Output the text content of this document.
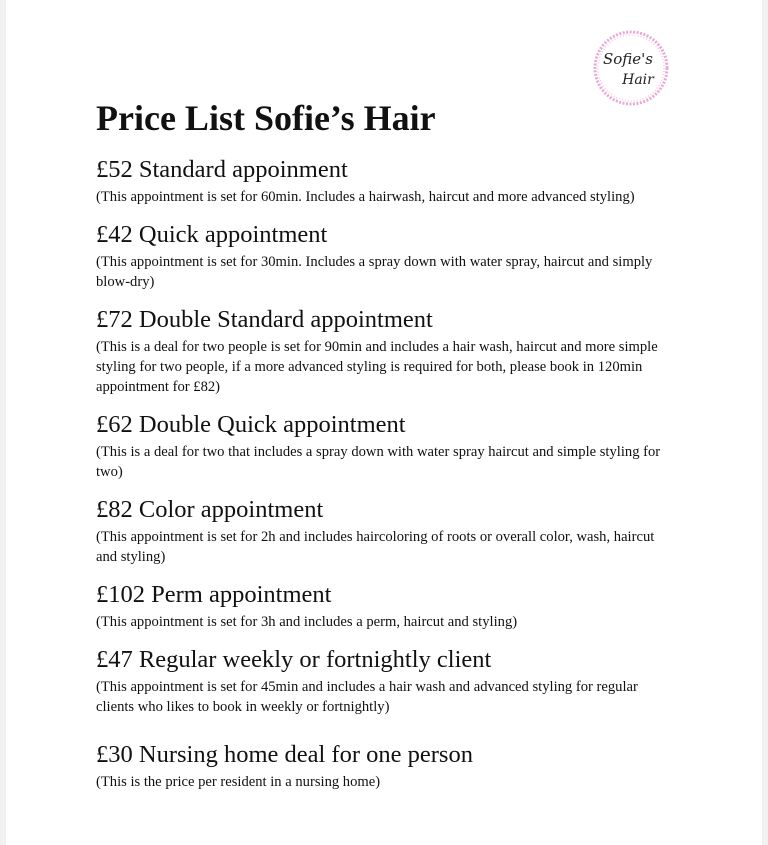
Sofie's
Hair
Price List Sofie’s Hair
£52 Standard appoinment

(This appointment is set for 60min. Includes a hairwash, haircut and more advanced styling)

£42 Quick appointment

(This appointment is set for 30min. Includes a spray down with water spray, haircut and simply blow-dry)

£72 Double Standard appointment

(This is a deal for two people is set for 90min and includes a hair wash, haircut and more simple styling for two people, if a more advanced styling is required for both, please book in 120min appointment for £82)

£62 Double Quick appointment

(This is a deal for two that includes a spray down with water spray haircut and simple styling for two)

£82 Color appointment

(This appointment is set for 2h and includes haircoloring of roots or overall color, wash, haircut and styling)

£102 Perm appointment

(This appointment is set for 3h and includes a perm, haircut and styling)

£47 Regular weekly or fortnightly client

(This appointment is set for 45min and includes a hair wash and advanced styling for regular clients who likes to book in weekly or fortnightly)

£30 Nursing home deal for one person

(This is the price per resident in a nursing home)
